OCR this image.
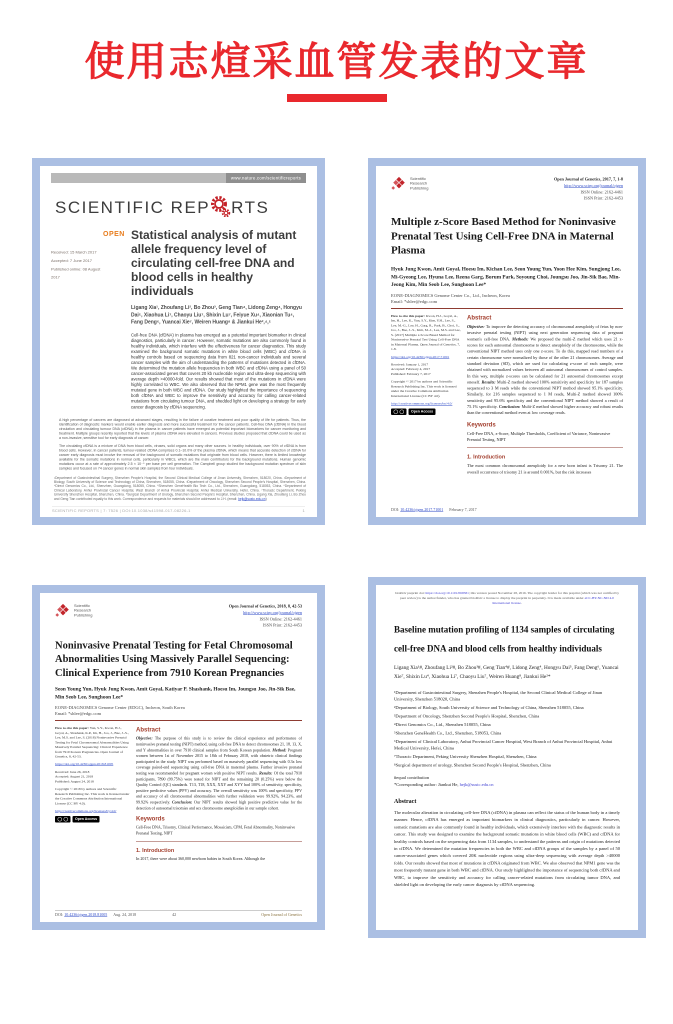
使用志煊采血管发表的文章
www.nature.com/scientificreports
SCIENTIFIC REP RTS
Received: 15 March 2017
Accepted: 7 June 2017
Published online: 08 August 2017
OPEN Statistical analysis of mutant allele frequency level of circulating cell-free DNA and blood cells in healthy individuals
Ligang Xia¹, Zhoufang Li², Bo Zhou³, Geng Tian⁴, Lidong Zeng⁴, Hongyu Dai⁵, Xiaohua Li⁷, Chaoyu Liu⁷, Shixin Lu⁷, Feiyue Xu⁴, Xiaonian Tu⁴, Fang Deng⁶, Yuancai Xie⁷, Weiren Huang⁸ & Jiankui He²,⁴,⁵
Cell-free DNA (cfDNA) in plasma has emerged as a potential important biomarker in clinical diagnostics, particularly in cancer. However, somatic mutations are also commonly found in healthy individuals, which interfere with the effectiveness for cancer diagnostics. This study examined the background somatic mutations in white blood cells (WBC) and cfDNA in healthy controls based on sequencing data from 821 non-cancer individuals and several cancer samples with the aim of understanding the patterns of mutations detected in cfDNA. We determined the mutation allele frequencies in both WBC and cfDNA using a panel of 50 cancer-associated genes that covers 20 kb nucleotide region and ultra-deep sequencing with average depth >40000-fold. Our results showed that most of the mutations in cfDNA were highly correlated to WBC. We also observed that the NPM1 gene was the most frequently mutated gene in both WBC and cfDNA. Our study highlighted the importance of sequencing both cfDNA and WBC to improve the sensitivity and accuracy for calling cancer-related mutations from circulating tumour DNA, and shedded light on developing a strategy for early cancer diagnosis by cfDNA sequencing.

A high percentage of cancers are diagnosed at advanced stages, resulting in the failure of curative treatment and poor quality of life for patients. Thus, the identification of diagnostic markers would enable earlier diagnosis and more successful treatment for the cancer patients. Cell-free DNA (cfDNA) in the blood circulation and circulating tumour DNA (ctDNA) in the plasma in cancer patients have emerged as potential important biomarkers for cancer monitoring and treatment. Multiple groups recently reported that the levels of plasma ctDNA were elevated in cancers. Previous studies proposed that ctDNA could be used as a non-invasive, sensitive tool for early diagnosis of cancer.

The circulating cfDNA is a mixture of DNA from blood cells, viruses, solid organs and many other sources. In healthy individuals, over 90% of cfDNA is from blood cells. However, in cancer patients, tumour-related cfDNA comprises 0.1–10.0% of the plasma cfDNA, which means that accurate detection of ctDNA for cancer early diagnosis must involve the removal of the background of somatic mutations that originate from blood cells. However, there is limited knowledge available for the somatic mutations in normal cells, particularly in WBCs, which are the main contributors for the background mutations. Human genomic mutations occur at a rate of approximately 2.5 × 10⁻⁸ per base per cell generation. The Campbell group studied the background mutation spectrum of skin samples and focused on 74 cancer genes in normal skin samples from four individuals.

¹Department of Gastrointestinal Surgery, Shenzhen People's Hospital, the Second Clinical Medical College of Jinan University, Shenzhen, 518020, China. ²Department of Biology, South University of Science and Technology of China, Shenzhen, 518055, China. ³Department of Oncology, Shenzhen Second People's Hospital, Shenzhen, China. ⁴Direct Genomics Co., Ltd., Shenzhen, Guangdong, 518055, China. ⁵Shenzhen GeneHealth Bio Tech Co., Ltd., Shenzhen, Guangdong, 518053, China. ⁶Department of Clinical Laboratory, Anhui Provincial Cancer Hospital, West Branch of Anhui Provincial Hospital, Anhui Medical University, Hefei, China. ⁷Thoracic Department, Peking University Shenzhen Hospital, Shenzhen, China. ⁸Surgical Department of Urology, Shenzhen Second People's Hospital, Shenzhen, China. Ligang Xia, Zhoufang Li, Bo Zhou and Geng Tian contributed equally to this work. Correspondence and requests for materials should be addressed to J.H. (email: hejk@sustc.edu.cn)
SCIENTIFIC REPORTS | 7: 7526 | DOI:10.1038/s41598-017-08226-1	1
Scientific
Research
Publishing
Open Journal of Genetics, 2017, 7, 1-8
http://www.scirp.org/journal/ojgen
ISSN Online: 2162-4461
ISSN Print: 2162-4453
Multiple z-Score Based Method for Noninvasive Prenatal Test Using Cell-Free DNA in Maternal Plasma
Hyuk Jung Kwon, Amit Goyal, Hoesu Im, Kichan Lee, Seon Young Yun, Yoon Hee Kim, Sungjong Lee, Mi-Gyeong Lee, Hyuna Lee, Reena Garg, Borum Park, Soyoung Choi, Joungsu Joo, Jin-Sik Bae, Min-Jeong Kim, Min Seob Lee, Sunghoon Lee*
EONE-DIAGNOMICS Genome Center Co., Ltd., Incheon, Korea
Email: *shlee@edgc.com

How to cite this paper: Kwon, H.J., Goyal, A., Im, H., Lee, K., Yun, S.Y., Kim, Y.H., Lee, S., Lee, M.-G., Lee, H., Garg, R., Park, B., Choi, S., Joo, J., Bae, J.-S., Kim, M.-J., Lee, M.S. and Lee, S. (2017) Multiple z-Score Based Method for Noninvasive Prenatal Test Using Cell-Free DNA in Maternal Plasma. Open Journal of Genetics, 7, 1-8.

https://doi.org/10.4236/ojgen.2017.71001

Received: January 1, 2017

Accepted: February 4, 2017

Published: February 7, 2017

Copyright © 2017 by authors and Scientific Research Publishing Inc. This work is licensed under the Creative Commons Attribution International License (CC BY 4.0).

http://creativecommons.org/licenses/by/4.0/

Open Access
Abstract
Objective: To improve the detecting accuracy of chromosomal aneuploidy of fetus by non-invasive prenatal testing (NIPT) using next generation sequencing data of pregnant women's cell-free DNA. Methods: We proposed the multi-Z method which uses 21 z-scores for each autosomal chromosome to detect aneuploidy of the chromosome, while the conventional NIPT method uses only one z-score. To do this, mapped read numbers of a certain chromosome were normalized by those of the other 21 chromosomes. Average and standard deviation (SD), which are used for calculating z-score of each sample, were obtained with normalized values between all autosomal chromosomes of control samples. In this way, multiple z-scores can be calculated for 21 autosomal chromosomes except oneself. Results: Multi-Z method showed 100% sensitivity and specificity for 187 samples sequenced to 3 M reads while the conventional NIPT method showed 95.1% specificity. Similarly, for 216 samples sequenced to 1 M reads, Multi-Z method showed 100% sensitivity and 95.6% specificity and the conventional NIPT method showed a result of 75.1% specificity. Conclusion: Multi-Z method showed higher accuracy and robust results than the conventional method even at low coverage reads.
Keywords
Cell-Free DNA, z-Score, Multiple Thresholds, Coefficient of Variance, Noninvasive Prenatal Testing, NIPT
1. Introduction
The most common chromosomal aneuploidy for a new born infant is Trisomy 21. The overall occurrence of trisomy 21 is around 0.001%, but the risk increases
DOI: 10.4236/ojgen.2017.71001 February 7, 2017
Scientific
Research
Publishing
Open Journal of Genetics, 2018, 8, 42-53
http://www.scirp.org/journal/ojgen
ISSN Online: 2162-4461
ISSN Print: 2162-4453
Noninvasive Prenatal Testing for Fetal Chromosomal Abnormalities Using Massively Parallel Sequencing: Clinical Experience from 7910 Korean Pregnancies
Seon Young Yun, Hyuk Jung Kwon, Amit Goyal, Katiyar P. Shashank, Hoesu Im, Joungsu Joo, Jin-Sik Bae, Min Seob Lee, Sunghoon Lee*
EONE-DIAGNOMICS Genome Center (EDGC), Incheon, South Korea
Email: *shlee@edgc.com

How to cite this paper: Yun, S.Y., Kwon, H.J., Goyal, A., Shashank, K.P., Im, H., Joo, J., Bae, J.-S., Lee, M.S. and Lee, S. (2018) Noninvasive Prenatal Testing for Fetal Chromosomal Abnormalities Using Massively Parallel Sequencing: Clinical Experience from 7910 Korean Pregnancies. Open Journal of Genetics, 8, 42-53.

https://doi.org/10.4236/ojgen.2018.81005

Received: June 26, 2018

Accepted: August 21, 2018

Published: August 24, 2018

Copyright © 2018 by authors and Scientific Research Publishing Inc. This work is licensed under the Creative Commons Attribution International License (CC BY 4.0).

http://creativecommons.org/licenses/by/4.0/

Open Access
Abstract
Objective: The purpose of this study is to review the clinical experience and performance of noninvasive prenatal testing (NIPT) method, using cell-free DNA to detect chromosomes 21, 18, 13, X, and Y abnormalities in over 7910 clinical samples from South Korean population. Method: Pregnant women between 1st of November 2015 to 18th of February 2018, with obstetric clinical findings participated in the study. NIPT was performed based on massively parallel sequencing with 0.3x low coverage paired-end sequencing using cell-free DNA in maternal plasma. Further invasive prenatal testing was recommended for pregnant women with positive NIPT results. Results: Of the total 7910 participants, 7890 (99.75%) were tested for NIPT and the remaining 20 (0.25%) were below the Quality Control (QC) standards. T13, T18, XXX, XXY and XYY had 100% of sensitivity, specificity, positive predictive values (PPV) and accuracy. The overall sensitivity was 100% and specificity, PPV and accuracy of all chromosomal abnormalities with further validation were 99.92%, 94.23%, and 99.92% respectively. Conclusion: Our NIPT results showed high positive predictive value for the detection of autosomal trisomies and sex chromosome aneuploidies in our sample cohort.
Keywords
Cell-Free DNA, Trisomy, Clinical Performance, Mosaicism, CPM, Fetal Abnormality, Noninvasive Prenatal Testing, NIPT
1. Introduction
In 2017, there were about 360,000 newborn babies in South Korea. Although the
DOI: 10.4236/ojgen.2018.81005 Aug. 24, 2018	42	Open Journal of Genetics
bioRxiv preprint doi: https://doi.org/10.1101/069581; this version posted November 28, 2016. The copyright holder for this preprint (which was not certified by peer review) is the author/funder, who has granted bioRxiv a license to display the preprint in perpetuity. It is made available under aCC-BY-NC-ND 4.0 International license.
Baseline mutation profiling of 1134 samples of circulating cell-free DNA and blood cells from healthy individuals
Ligang Xia¹#, Zhoufang Li²#, Bo Zhou³#, Geng Tian⁴#, Lidong Zeng⁴, Hongyu Dai⁵, Fang Deng⁶, Yuancai Xie⁷, Shixin Lu⁴, Xiaohua Li⁷, Chaoyu Liu⁷, Weiren Huang⁸, Jiankui He²*
¹Department of Gastrointestinal Surgery, Shenzhen People's Hospital, the Second Clinical Medical College of Jinan University, Shenzhen 518020, China
²Department of Biology, South University of Science and Technology of China, Shenzhen 518055, China
³Department of Oncology, Shenzhen Second People's Hospital, Shenzhen, China
⁴Direct Genomics Co., Ltd., Shenzhen 518055, China
⁵Shenzhen GeneHealth Co., Ltd., Shenzhen, 518053, China
⁶Department of Clinical Laboratory, Anhui Provincial Cancer Hospital, West Branch of Anhui Provincial Hospital, Anhui Medical University, Hefei, China
⁷Thoracic Department, Peking University Shenzhen Hospital, Shenzhen, China
⁸Surgical department of urology, Shenzhen Second People's Hospital, Shenzhen, China
#equal contribution
*Corresponding author: Jiankui He, hejk@sustc.edu.cn
Abstract
The molecular alteration in circulating cell-free DNA (cfDNA) in plasma can reflect the status of the human body in a timely manner. Hence, cfDNA has emerged as important biomarkers in clinical diagnostics, particularly in cancer. However, somatic mutations are also commonly found in healthy individuals, which extensively interfere with the diagnostic results in cancer. This study was designed to examine the background somatic mutations in white blood cells (WBC) and cfDNA for healthy controls based on the sequencing data from 1134 samples, to understand the patterns and origin of mutations detected in cfDNA. We determined the mutation frequencies in both the WBC and cfDNA groups of the samples by a panel of 50 cancer-associated genes which covered 20K nucleotide regions using ultra-deep sequencing with average depth >40000 folds. Our results showed that most of mutations in cfDNA originated from WBC. We also observed that NPM1 gene was the most frequently mutant gene in both WBC and cfDNA. Our study highlighted the importance of sequencing both cfDNA and WBC, to improve the sensitivity and accuracy for calling cancer-related mutations from circulating tumor DNA, and shielded light on developing the early cancer diagnosis by cfDNA sequencing.
